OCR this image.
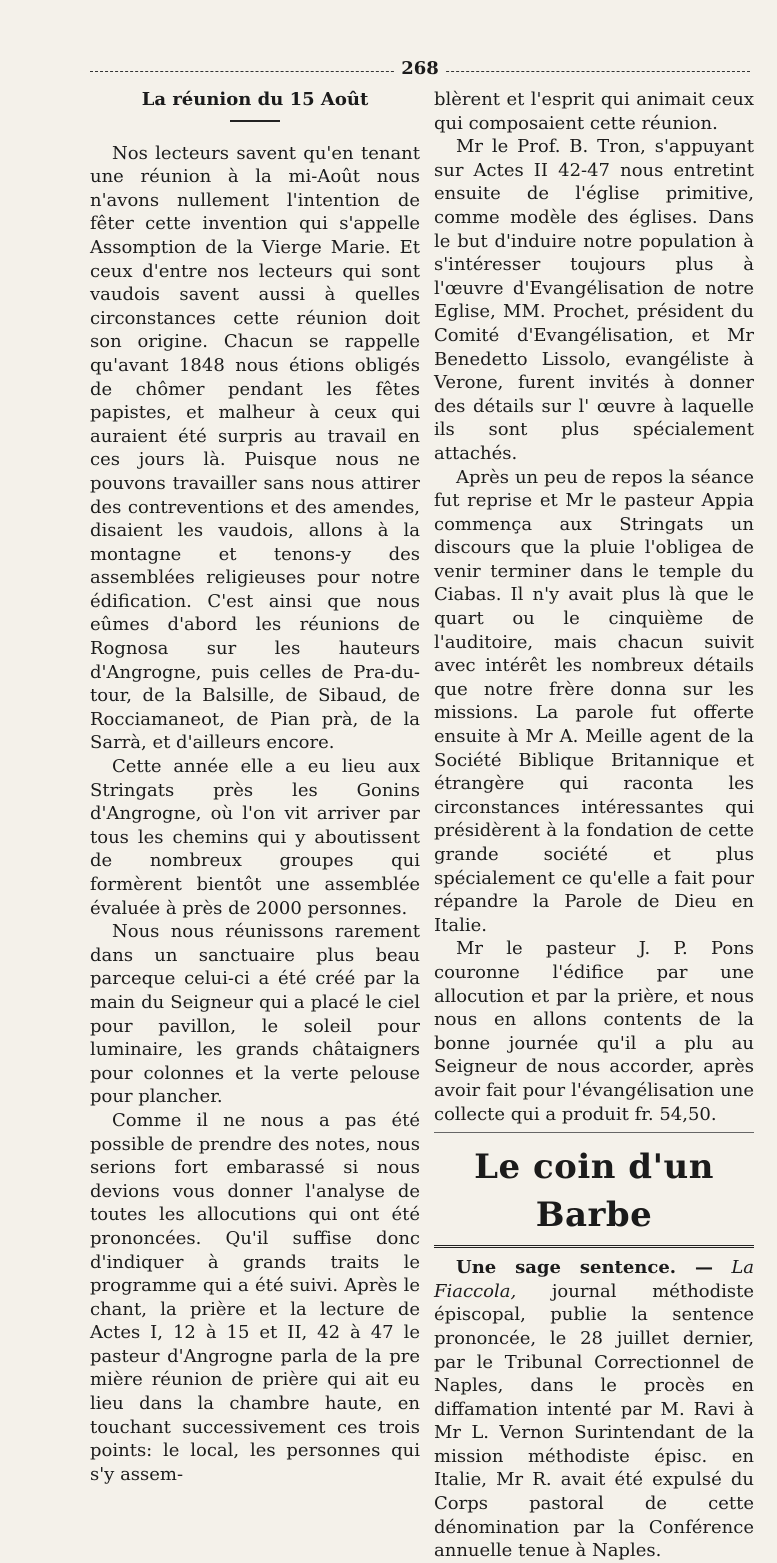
268

La réunion du 15 Août

Nos lecteurs savent qu'en tenant une réunion à la mi-Août nous n'avons nullement l'intention de fêter cette invention qui s'appelle Assomption de la Vierge Marie. Et ceux d'entre nos lecteurs qui sont vaudois savent aussi à quelles circonstances cette réunion doit son origine. Chacun se rappelle qu'avant 1848 nous étions obligés de chômer pendant les fêtes papistes, et malheur à ceux qui auraient été surpris au travail en ces jours là. Puisque nous ne pouvons travailler sans nous attirer des contreventions et des amendes, disaient les vaudois, allons à la montagne et tenons-y des assemblées religieuses pour notre édification. C'est ainsi que nous eûmes d'abord les réunions de Rognosa sur les hauteurs d'Angrogne, puis celles de Pra-du-tour, de la Balsille, de Sibaud, de Rocciamaneot, de Pian prà, de la Sarrà, et d'ailleurs encore.

Cette année elle a eu lieu aux Stringats près les Gonins d'Angrogne, où l'on vit arriver par tous les chemins qui y aboutissent de nombreux groupes qui formèrent bientôt une assemblée évaluée à près de 2000 personnes.

Nous nous réunissons rarement dans un sanctuaire plus beau parceque celui-ci a été créé par la main du Seigneur qui a placé le ciel pour pavillon, le soleil pour luminaire, les grands châtaigners pour colonnes et la verte pelouse pour plancher.

Comme il ne nous a pas été possible de prendre des notes, nous serions fort embarassé si nous devions vous donner l'analyse de toutes les allocutions qui ont été prononcées. Qu'il suffise donc d'indiquer à grands traits le programme qui a été suivi. Après le chant, la prière et la lecture de Actes I, 12 à 15 et II, 42 à 47 le pasteur d'Angrogne parla de la pre mière réunion de prière qui ait eu lieu dans la chambre haute, en touchant successivement ces trois points: le local, les personnes qui s'y assem-

blèrent et l'esprit qui animait ceux qui composaient cette réunion.

Mr le Prof. B. Tron, s'appuyant sur Actes II 42-47 nous entretint ensuite de l'église primitive, comme modèle des églises. Dans le but d'induire notre population à s'intéresser toujours plus à l'œuvre d'Evangélisation de notre Eglise, MM. Prochet, président du Comité d'Evangélisation, et Mr Benedetto Lissolo, evangéliste à Verone, furent invités à donner des détails sur l' œuvre à laquelle ils sont plus spécialement attachés.

Après un peu de repos la séance fut reprise et Mr le pasteur Appia commença aux Stringats un discours que la pluie l'obligea de venir terminer dans le temple du Ciabas. Il n'y avait plus là que le quart ou le cinquième de l'auditoire, mais chacun suivit avec intérêt les nombreux détails que notre frère donna sur les missions. La parole fut offerte ensuite à Mr A. Meille agent de la Société Biblique Britannique et étrangère qui raconta les circonstances intéressantes qui présidèrent à la fondation de cette grande société et plus spécialement ce qu'elle a fait pour répandre la Parole de Dieu en Italie.

Mr le pasteur J. P. Pons couronne l'édifice par une allocution et par la prière, et nous nous en allons contents de la bonne journée qu'il a plu au Seigneur de nous accorder, après avoir fait pour l'évangélisation une collecte qui a produit fr. 54,50.

Le coin d'un Barbe

Une sage sentence. — La Fiaccola, journal méthodiste épiscopal, publie la sentence prononcée, le 28 juillet dernier, par le Tribunal Correctionnel de Naples, dans le procès en diffamation intenté par M. Ravi à Mr L. Vernon Surintendant de la mission méthodiste épisc. en Italie, Mr R. avait été expulsé du Corps pastoral de cette dénomination par la Conférence annuelle tenue à Naples.
